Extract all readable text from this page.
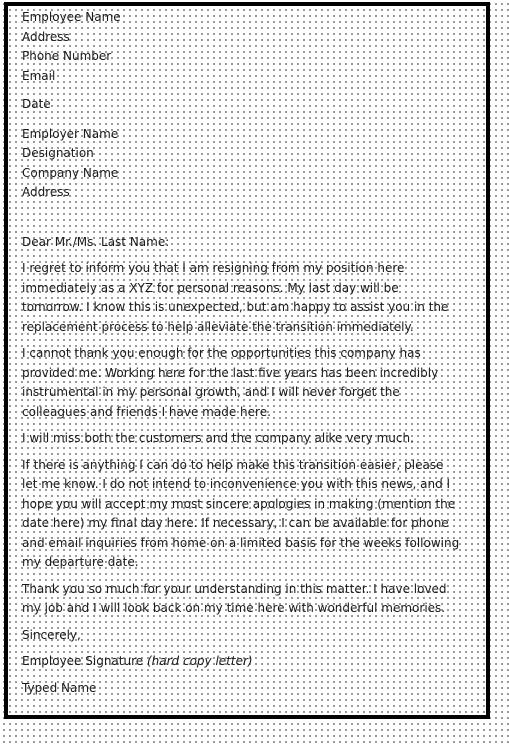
Employee Name

Address

Phone Number

Email

Date

Employer Name

Designation

Company Name

Address

Dear Mr./Ms. Last Name:

I regret to inform you that I am resigning from my position here immediately as a XYZ for personal reasons. My last day will be tomorrow. I know this is unexpected, but am happy to assist you in the replacement process to help alleviate the transition immediately.

I cannot thank you enough for the opportunities this company has provided me. Working here for the last five years has been incredibly instrumental in my personal growth, and I will never forget the colleagues and friends I have made here.

I will miss both the customers and the company alike very much.

If there is anything I can do to help make this transition easier, please let me know. I do not intend to inconvenience you with this news, and I hope you will accept my most sincere apologies in making (mention the date here) my final day here. If necessary, I can be available for phone and email inquiries from home on a limited basis for the weeks following my departure date.

Thank you so much for your understanding in this matter. I have loved my job and I will look back on my time here with wonderful memories.

Sincerely,

Employee Signature (hard copy letter)

Typed Name
